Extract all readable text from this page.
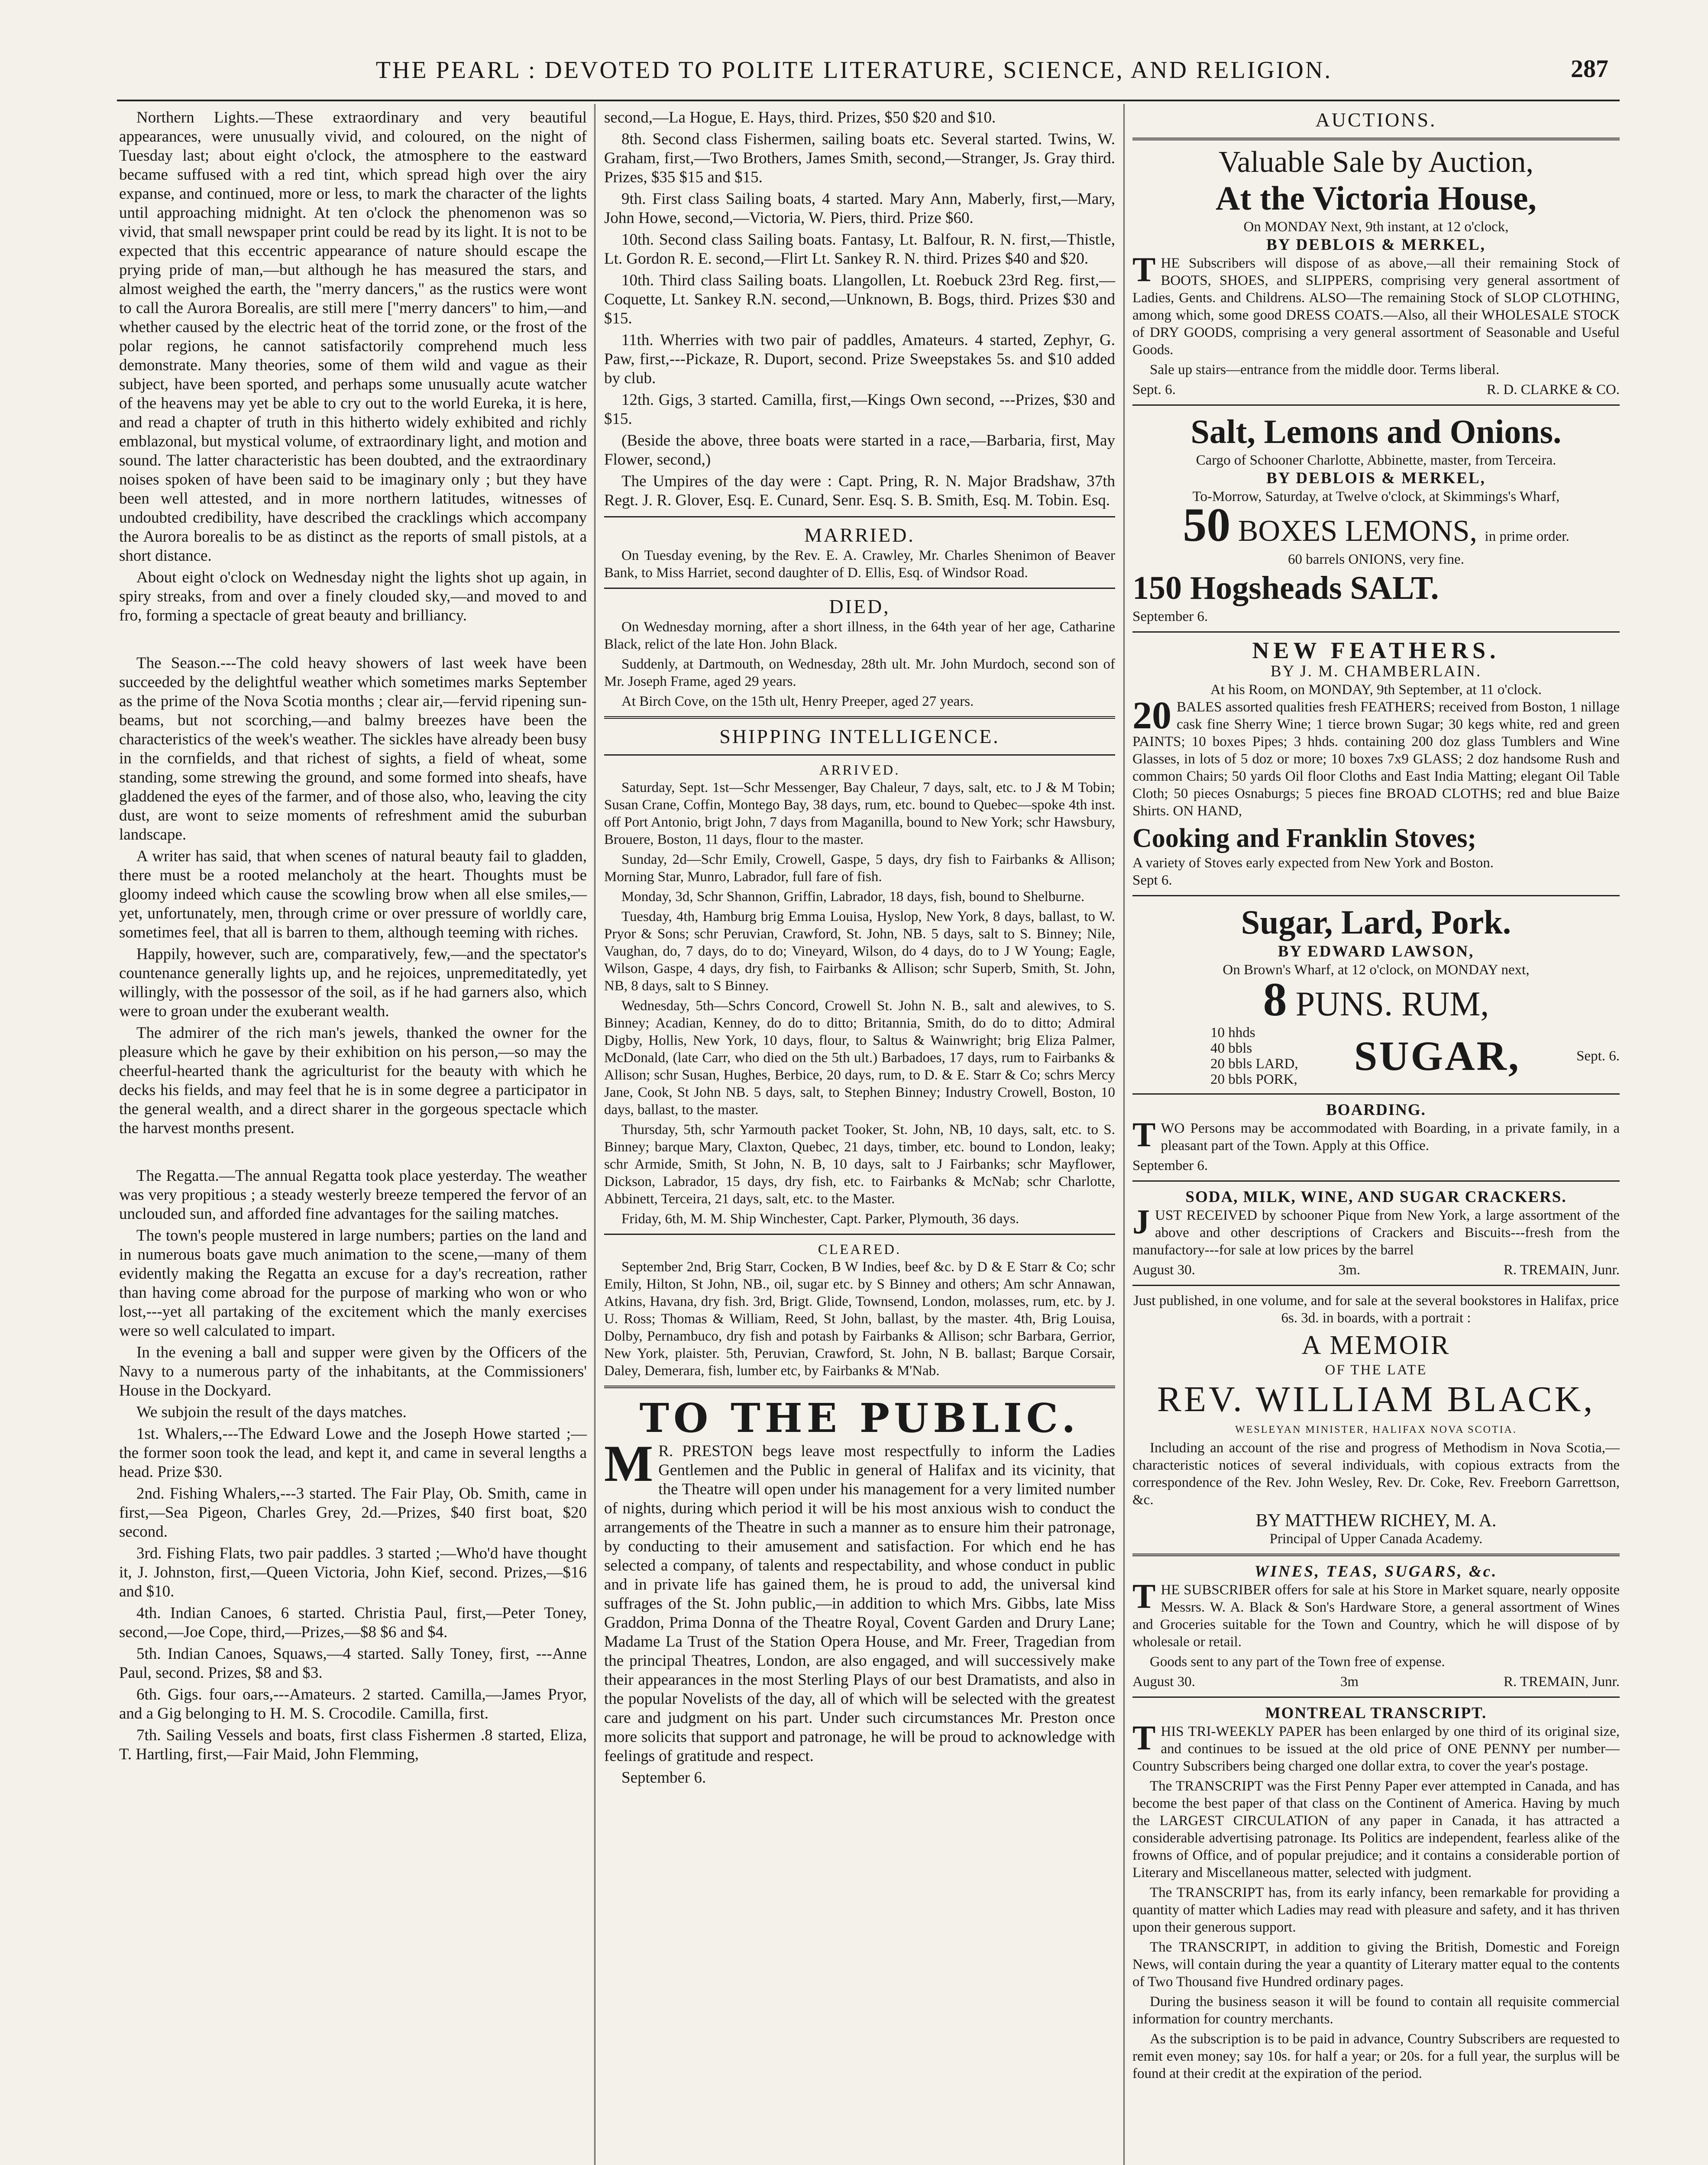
THE PEARL : DEVOTED TO POLITE LITERATURE, SCIENCE, AND RELIGION.	287

Northern Lights.—These extraordinary and very beautiful appearances, were unusually vivid, and coloured, on the night of Tuesday last; about eight o'clock, the atmosphere to the eastward became suffused with a red tint, which spread high over the airy expanse, and continued, more or less, to mark the character of the lights until approaching midnight. At ten o'clock the phenomenon was so vivid, that small newspaper print could be read by its light. It is not to be expected that this eccentric appearance of nature should escape the prying pride of man,—but although he has measured the stars, and almost weighed the earth, the "merry dancers," as the rustics were wont to call the Aurora Borealis, are still mere ["merry dancers" to him,—and whether caused by the electric heat of the torrid zone, or the frost of the polar regions, he cannot satisfactorily comprehend much less demonstrate. Many theories, some of them wild and vague as their subject, have been sported, and perhaps some unusually acute watcher of the heavens may yet be able to cry out to the world Eureka, it is here, and read a chapter of truth in this hitherto widely exhibited and richly emblazonal, but mystical volume, of extraordinary light, and motion and sound. The latter characteristic has been doubted, and the extraordinary noises spoken of have been said to be imaginary only ; but they have been well attested, and in more northern latitudes, witnesses of undoubted credibility, have described the cracklings which accompany the Aurora borealis to be as distinct as the reports of small pistols, at a short distance.

About eight o'clock on Wednesday night the lights shot up again, in spiry streaks, from and over a finely clouded sky,—and moved to and fro, forming a spectacle of great beauty and brilliancy.

The Season.---The cold heavy showers of last week have been succeeded by the delightful weather which sometimes marks September as the prime of the Nova Scotia months ; clear air,—fervid ripening sun-beams, but not scorching,—and balmy breezes have been the characteristics of the week's weather. The sickles have already been busy in the cornfields, and that richest of sights, a field of wheat, some standing, some strewing the ground, and some formed into sheafs, have gladdened the eyes of the farmer, and of those also, who, leaving the city dust, are wont to seize moments of refreshment amid the suburban landscape.

A writer has said, that when scenes of natural beauty fail to gladden, there must be a rooted melancholy at the heart. Thoughts must be gloomy indeed which cause the scowling brow when all else smiles,—yet, unfortunately, men, through crime or over pressure of worldly care, sometimes feel, that all is barren to them, although teeming with riches.

Happily, however, such are, comparatively, few,—and the spectator's countenance generally lights up, and he rejoices, unpremeditatedly, yet willingly, with the possessor of the soil, as if he had garners also, which were to groan under the exuberant wealth.

The admirer of the rich man's jewels, thanked the owner for the pleasure which he gave by their exhibition on his person,—so may the cheerful-hearted thank the agriculturist for the beauty with which he decks his fields, and may feel that he is in some degree a participator in the general wealth, and a direct sharer in the gorgeous spectacle which the harvest months present.

The Regatta.—The annual Regatta took place yesterday. The weather was very propitious ; a steady westerly breeze tempered the fervor of an unclouded sun, and afforded fine advantages for the sailing matches.

The town's people mustered in large numbers; parties on the land and in numerous boats gave much animation to the scene,—many of them evidently making the Regatta an excuse for a day's recreation, rather than having come abroad for the purpose of marking who won or who lost,---yet all partaking of the excitement which the manly exercises were so well calculated to impart.

In the evening a ball and supper were given by the Officers of the Navy to a numerous party of the inhabitants, at the Commissioners' House in the Dockyard.

We subjoin the result of the days matches.

1st. Whalers,---The Edward Lowe and the Joseph Howe started ;—the former soon took the lead, and kept it, and came in several lengths a head. Prize $30.

2nd. Fishing Whalers,---3 started. The Fair Play, Ob. Smith, came in first,—Sea Pigeon, Charles Grey, 2d.—Prizes, $40 first boat, $20 second.

3rd. Fishing Flats, two pair paddles. 3 started ;—Who'd have thought it, J. Johnston, first,—Queen Victoria, John Kief, second. Prizes,—$16 and $10.

4th. Indian Canoes, 6 started. Christia Paul, first,—Peter Toney, second,—Joe Cope, third,—Prizes,—$8 $6 and $4.

5th. Indian Canoes, Squaws,—4 started. Sally Toney, first, ---Anne Paul, second. Prizes, $8 and $3.

6th. Gigs. four oars,---Amateurs. 2 started. Camilla,—James Pryor, and a Gig belonging to H. M. S. Crocodile. Camilla, first.

7th. Sailing Vessels and boats, first class Fishermen .8 started, Eliza, T. Hartling, first,—Fair Maid, John Flemming,

second,—La Hogue, E. Hays, third. Prizes, $50 $20 and $10.

8th. Second class Fishermen, sailing boats etc. Several started. Twins, W. Graham, first,—Two Brothers, James Smith, second,—Stranger, Js. Gray third. Prizes, $35 $15 and $15.

9th. First class Sailing boats, 4 started. Mary Ann, Maberly, first,—Mary, John Howe, second,—Victoria, W. Piers, third. Prize $60.

10th. Second class Sailing boats. Fantasy, Lt. Balfour, R. N. first,—Thistle, Lt. Gordon R. E. second,—Flirt Lt. Sankey R. N. third. Prizes $40 and $20.

10th. Third class Sailing boats. Llangollen, Lt. Roebuck 23rd Reg. first,—Coquette, Lt. Sankey R.N. second,—Unknown, B. Bogs, third. Prizes $30 and $15.

11th. Wherries with two pair of paddles, Amateurs. 4 started, Zephyr, G. Paw, first,---Pickaze, R. Duport, second. Prize Sweepstakes 5s. and $10 added by club.

12th. Gigs, 3 started. Camilla, first,—Kings Own second, ---Prizes, $30 and $15.

(Beside the above, three boats were started in a race,—Barbaria, first, May Flower, second,)

The Umpires of the day were : Capt. Pring, R. N. Major Bradshaw, 37th Regt. J. R. Glover, Esq. E. Cunard, Senr. Esq. S. B. Smith, Esq. M. Tobin. Esq.

MARRIED.

On Tuesday evening, by the Rev. E. A. Crawley, Mr. Charles Shenimon of Beaver Bank, to Miss Harriet, second daughter of D. Ellis, Esq. of Windsor Road.

DIED,

On Wednesday morning, after a short illness, in the 64th year of her age, Catharine Black, relict of the late Hon. John Black.

Suddenly, at Dartmouth, on Wednesday, 28th ult. Mr. John Murdoch, second son of Mr. Joseph Frame, aged 29 years.

At Birch Cove, on the 15th ult, Henry Preeper, aged 27 years.

SHIPPING INTELLIGENCE.
ARRIVED.

Saturday, Sept. 1st—Schr Messenger, Bay Chaleur, 7 days, salt, etc. to J & M Tobin; Susan Crane, Coffin, Montego Bay, 38 days, rum, etc. bound to Quebec—spoke 4th inst. off Port Antonio, brigt John, 7 days from Maganilla, bound to New York; schr Hawsbury, Brouere, Boston, 11 days, flour to the master.

Sunday, 2d—Schr Emily, Crowell, Gaspe, 5 days, dry fish to Fairbanks & Allison; Morning Star, Munro, Labrador, full fare of fish.

Monday, 3d, Schr Shannon, Griffin, Labrador, 18 days, fish, bound to Shelburne.

Tuesday, 4th, Hamburg brig Emma Louisa, Hyslop, New York, 8 days, ballast, to W. Pryor & Sons; schr Peruvian, Crawford, St. John, NB. 5 days, salt to S. Binney; Nile, Vaughan, do, 7 days, do to do; Vineyard, Wilson, do 4 days, do to J W Young; Eagle, Wilson, Gaspe, 4 days, dry fish, to Fairbanks & Allison; schr Superb, Smith, St. John, NB, 8 days, salt to S Binney.

Wednesday, 5th—Schrs Concord, Crowell St. John N. B., salt and alewives, to S. Binney; Acadian, Kenney, do do to ditto; Britannia, Smith, do do to ditto; Admiral Digby, Hollis, New York, 10 days, flour, to Saltus & Wainwright; brig Eliza Palmer, McDonald, (late Carr, who died on the 5th ult.) Barbadoes, 17 days, rum to Fairbanks & Allison; schr Susan, Hughes, Berbice, 20 days, rum, to D. & E. Starr & Co; schrs Mercy Jane, Cook, St John NB. 5 days, salt, to Stephen Binney; Industry Crowell, Boston, 10 days, ballast, to the master.

Thursday, 5th, schr Yarmouth packet Tooker, St. John, NB, 10 days, salt, etc. to S. Binney; barque Mary, Claxton, Quebec, 21 days, timber, etc. bound to London, leaky; schr Armide, Smith, St John, N. B, 10 days, salt to J Fairbanks; schr Mayflower, Dickson, Labrador, 15 days, dry fish, etc. to Fairbanks & McNab; schr Charlotte, Abbinett, Terceira, 21 days, salt, etc. to the Master.

Friday, 6th, M. M. Ship Winchester, Capt. Parker, Plymouth, 36 days.

CLEARED.

September 2nd, Brig Starr, Cocken, B W Indies, beef &c. by D & E Starr & Co; schr Emily, Hilton, St John, NB., oil, sugar etc. by S Binney and others; Am schr Annawan, Atkins, Havana, dry fish. 3rd, Brigt. Glide, Townsend, London, molasses, rum, etc. by J. U. Ross; Thomas & William, Reed, St John, ballast, by the master. 4th, Brig Louisa, Dolby, Pernambuco, dry fish and potash by Fairbanks & Allison; schr Barbara, Gerrior, New York, plaister. 5th, Peruvian, Crawford, St. John, N B. ballast; Barque Corsair, Daley, Demerara, fish, lumber etc, by Fairbanks & M'Nab.

TO THE PUBLIC.

M R. PRESTON begs leave most respectfully to inform the Ladies Gentlemen and the Public in general of Halifax and its vicinity, that the Theatre will open under his management for a very limited number of nights, during which period it will be his most anxious wish to conduct the arrangements of the Theatre in such a manner as to ensure him their patronage, by conducting to their amusement and satisfaction. For which end he has selected a company, of talents and respectability, and whose conduct in public and in private life has gained them, he is proud to add, the universal kind suffrages of the St. John public,—in addition to which Mrs. Gibbs, late Miss Graddon, Prima Donna of the Theatre Royal, Covent Garden and Drury Lane; Madame La Trust of the Station Opera House, and Mr. Freer, Tragedian from the principal Theatres, London, are also engaged, and will successively make their appearances in the most Sterling Plays of our best Dramatists, and also in the popular Novelists of the day, all of which will be selected with the greatest care and judgment on his part. Under such circumstances Mr. Preston once more solicits that support and patronage, he will be proud to acknowledge with feelings of gratitude and respect.

September 6.

AUCTIONS.
Valuable Sale by Auction,
At the Victoria House,
On MONDAY Next, 9th instant, at 12 o'clock,
BY DEBLOIS & MERKEL,

THE Subscribers will dispose of as above,—all their remaining Stock of BOOTS, SHOES, and SLIPPERS, comprising very general assortment of Ladies, Gents. and Childrens. ALSO—The remaining Stock of SLOP CLOTHING, among which, some good DRESS COATS.—Also, all their WHOLESALE STOCK of DRY GOODS, comprising a very general assortment of Seasonable and Useful Goods.

Sale up stairs—entrance from the middle door. Terms liberal.

Sept. 6.	R. D. CLARKE & CO.
Salt, Lemons and Onions.
Cargo of Schooner Charlotte, Abbinette, master, from Terceira.
BY DEBLOIS & MERKEL,
To-Morrow, Saturday, at Twelve o'clock, at Skimmings's Wharf,
50 BOXES LEMONS, in prime order.
60 barrels ONIONS, very fine.
150 Hogsheads SALT.
September 6.
NEW FEATHERS.
BY J. M. CHAMBERLAIN.
At his Room, on MONDAY, 9th September, at 11 o'clock.

20 BALES assorted qualities fresh FEATHERS; received from Boston, 1 nillage cask fine Sherry Wine; 1 tierce brown Sugar; 30 kegs white, red and green PAINTS; 10 boxes Pipes; 3 hhds. containing 200 doz glass Tumblers and Wine Glasses, in lots of 5 doz or more; 10 boxes 7x9 GLASS; 2 doz handsome Rush and common Chairs; 50 yards Oil floor Cloths and East India Matting; elegant Oil Table Cloth; 50 pieces Osnaburgs; 5 pieces fine BROAD CLOTHS; red and blue Baize Shirts. ON HAND,

Cooking and Franklin Stoves;
A variety of Stoves early expected from New York and Boston.
Sept 6.
Sugar, Lard, Pork.
BY EDWARD LAWSON,
On Brown's Wharf, at 12 o'clock, on MONDAY next,
8 PUNS. RUM,
10 hhds
40 bbls
20 bbls LARD,
20 bbls PORK,
SUGAR,	Sept. 6.
BOARDING.

TWO Persons may be accommodated with Boarding, in a private family, in a pleasant part of the Town. Apply at this Office.

September 6.
SODA, MILK, WINE, AND SUGAR CRACKERS.

JUST RECEIVED by schooner Pique from New York, a large assortment of the above and other descriptions of Crackers and Biscuits---fresh from the manufactory---for sale at low prices by the barrel

August 30.	3m.	R. TREMAIN, Junr.

Just published, in one volume, and for sale at the several bookstores in Halifax, price 6s. 3d. in boards, with a portrait :

A MEMOIR
OF THE LATE
REV. WILLIAM BLACK,
WESLEYAN MINISTER, HALIFAX NOVA SCOTIA.

Including an account of the rise and progress of Methodism in Nova Scotia,—characteristic notices of several individuals, with copious extracts from the correspondence of the Rev. John Wesley, Rev. Dr. Coke, Rev. Freeborn Garrettson, &c.

BY MATTHEW RICHEY, M. A.
Principal of Upper Canada Academy.
WINES, TEAS, SUGARS, &c.

THE SUBSCRIBER offers for sale at his Store in Market square, nearly opposite Messrs. W. A. Black & Son's Hardware Store, a general assortment of Wines and Groceries suitable for the Town and Country, which he will dispose of by wholesale or retail.

Goods sent to any part of the Town free of expense.

August 30.	3m	R. TREMAIN, Junr.
MONTREAL TRANSCRIPT.

THIS TRI-WEEKLY PAPER has been enlarged by one third of its original size, and continues to be issued at the old price of ONE PENNY per number—Country Subscribers being charged one dollar extra, to cover the year's postage.

The TRANSCRIPT was the First Penny Paper ever attempted in Canada, and has become the best paper of that class on the Continent of America. Having by much the LARGEST CIRCULATION of any paper in Canada, it has attracted a considerable advertising patronage. Its Politics are independent, fearless alike of the frowns of Office, and of popular prejudice; and it contains a considerable portion of Literary and Miscellaneous matter, selected with judgment.

The TRANSCRIPT has, from its early infancy, been remarkable for providing a quantity of matter which Ladies may read with pleasure and safety, and it has thriven upon their generous support.

The TRANSCRIPT, in addition to giving the British, Domestic and Foreign News, will contain during the year a quantity of Literary matter equal to the contents of Two Thousand five Hundred ordinary pages.

During the business season it will be found to contain all requisite commercial information for country merchants.

As the subscription is to be paid in advance, Country Subscribers are requested to remit even money; say 10s. for half a year; or 20s. for a full year, the surplus will be found at their credit at the expiration of the period.
